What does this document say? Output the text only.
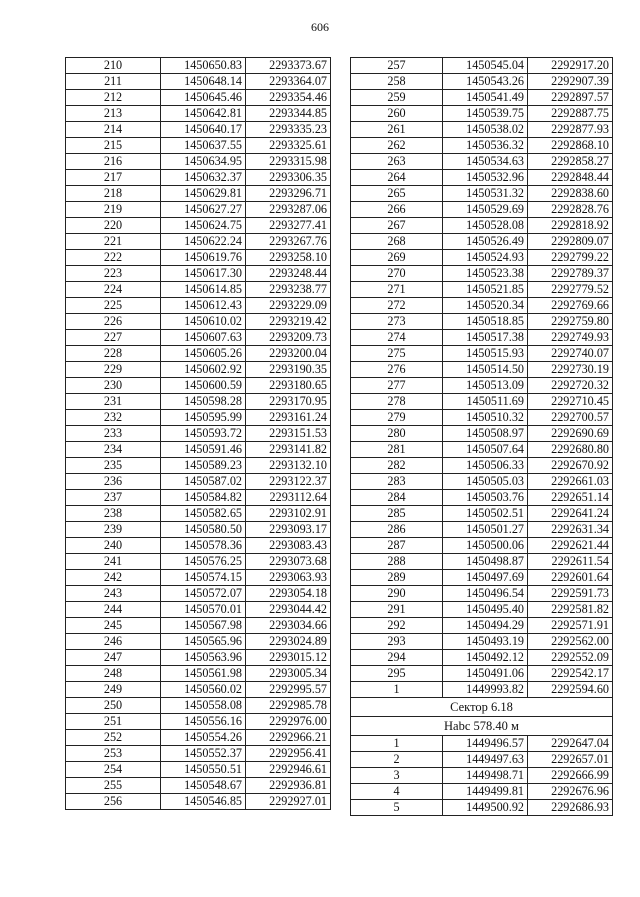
606
210	1450650.83	2293373.67
211	1450648.14	2293364.07
212	1450645.46	2293354.46
213	1450642.81	2293344.85
214	1450640.17	2293335.23
215	1450637.55	2293325.61
216	1450634.95	2293315.98
217	1450632.37	2293306.35
218	1450629.81	2293296.71
219	1450627.27	2293287.06
220	1450624.75	2293277.41
221	1450622.24	2293267.76
222	1450619.76	2293258.10
223	1450617.30	2293248.44
224	1450614.85	2293238.77
225	1450612.43	2293229.09
226	1450610.02	2293219.42
227	1450607.63	2293209.73
228	1450605.26	2293200.04
229	1450602.92	2293190.35
230	1450600.59	2293180.65
231	1450598.28	2293170.95
232	1450595.99	2293161.24
233	1450593.72	2293151.53
234	1450591.46	2293141.82
235	1450589.23	2293132.10
236	1450587.02	2293122.37
237	1450584.82	2293112.64
238	1450582.65	2293102.91
239	1450580.50	2293093.17
240	1450578.36	2293083.43
241	1450576.25	2293073.68
242	1450574.15	2293063.93
243	1450572.07	2293054.18
244	1450570.01	2293044.42
245	1450567.98	2293034.66
246	1450565.96	2293024.89
247	1450563.96	2293015.12
248	1450561.98	2293005.34
249	1450560.02	2292995.57
250	1450558.08	2292985.78
251	1450556.16	2292976.00
252	1450554.26	2292966.21
253	1450552.37	2292956.41
254	1450550.51	2292946.61
255	1450548.67	2292936.81
256	1450546.85	2292927.01
257	1450545.04	2292917.20
258	1450543.26	2292907.39
259	1450541.49	2292897.57
260	1450539.75	2292887.75
261	1450538.02	2292877.93
262	1450536.32	2292868.10
263	1450534.63	2292858.27
264	1450532.96	2292848.44
265	1450531.32	2292838.60
266	1450529.69	2292828.76
267	1450528.08	2292818.92
268	1450526.49	2292809.07
269	1450524.93	2292799.22
270	1450523.38	2292789.37
271	1450521.85	2292779.52
272	1450520.34	2292769.66
273	1450518.85	2292759.80
274	1450517.38	2292749.93
275	1450515.93	2292740.07
276	1450514.50	2292730.19
277	1450513.09	2292720.32
278	1450511.69	2292710.45
279	1450510.32	2292700.57
280	1450508.97	2292690.69
281	1450507.64	2292680.80
282	1450506.33	2292670.92
283	1450505.03	2292661.03
284	1450503.76	2292651.14
285	1450502.51	2292641.24
286	1450501.27	2292631.34
287	1450500.06	2292621.44
288	1450498.87	2292611.54
289	1450497.69	2292601.64
290	1450496.54	2292591.73
291	1450495.40	2292581.82
292	1450494.29	2292571.91
293	1450493.19	2292562.00
294	1450492.12	2292552.09
295	1450491.06	2292542.17
1	1449993.82	2292594.60
Сектор 6.18		
Нabc 578.40 м		
1	1449496.57	2292647.04
2	1449497.63	2292657.01
3	1449498.71	2292666.99
4	1449499.81	2292676.96
5	1449500.92	2292686.93
